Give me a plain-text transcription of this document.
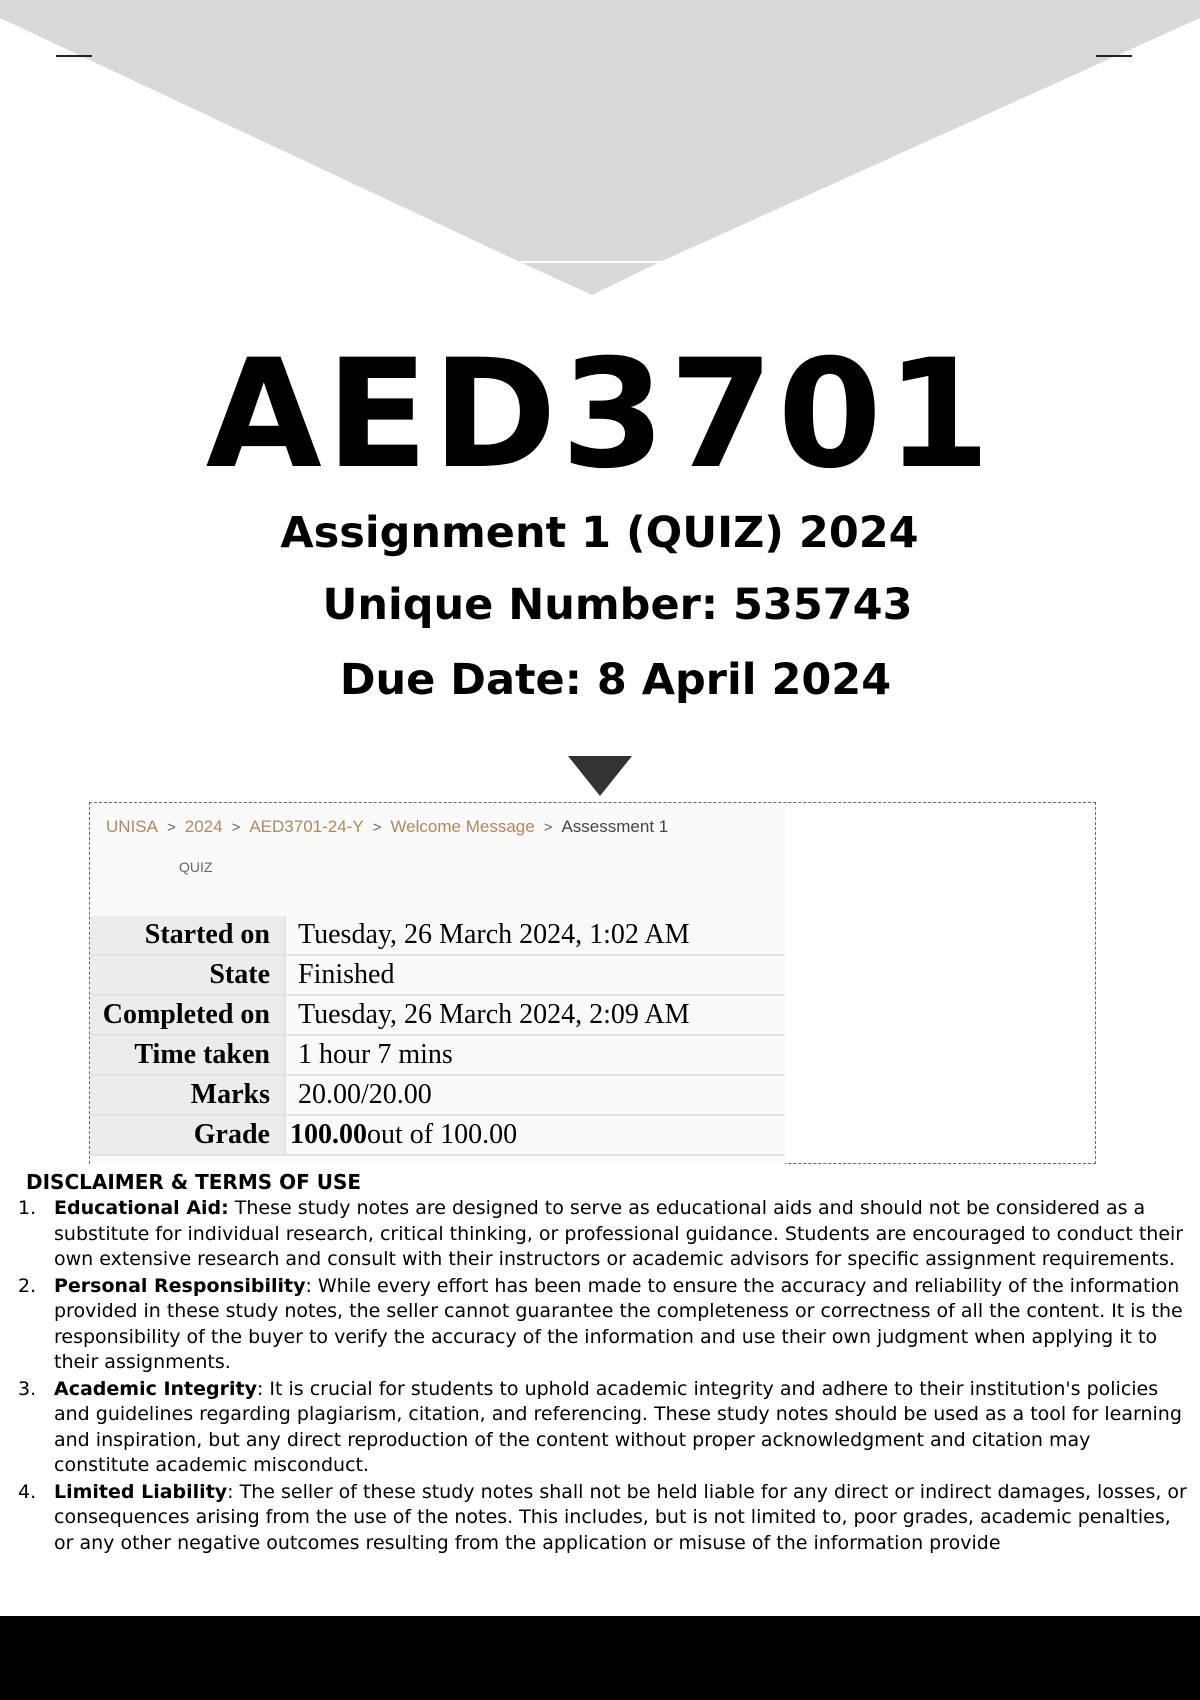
AED3701
Assignment 1 (QUIZ) 2024
Unique Number: 535743
Due Date: 8 April 2024
UNISA > 2024 > AED3701-24-Y > Welcome Message > Assessment 1
QUIZ
Started on	Tuesday, 26 March 2024, 1:02 AM
State	Finished
Completed on	Tuesday, 26 March 2024, 2:09 AM
Time taken	1 hour 7 mins
Marks	20.00/20.00
Grade	100.00out of 100.00
DISCLAIMER & TERMS OF USE
1. Educational Aid: These study notes are designed to serve as educational aids and should not be considered as a substitute for individual research, critical thinking, or professional guidance. Students are encouraged to conduct their own extensive research and consult with their instructors or academic advisors for specific assignment requirements.
2. Personal Responsibility: While every effort has been made to ensure the accuracy and reliability of the information provided in these study notes, the seller cannot guarantee the completeness or correctness of all the content. It is the responsibility of the buyer to verify the accuracy of the information and use their own judgment when applying it to their assignments.
3. Academic Integrity: It is crucial for students to uphold academic integrity and adhere to their institution's policies and guidelines regarding plagiarism, citation, and referencing. These study notes should be used as a tool for learning and inspiration, but any direct reproduction of the content without proper acknowledgment and citation may constitute academic misconduct.
4. Limited Liability: The seller of these study notes shall not be held liable for any direct or indirect damages, losses, or consequences arising from the use of the notes. This includes, but is not limited to, poor grades, academic penalties, or any other negative outcomes resulting from the application or misuse of the information provide
